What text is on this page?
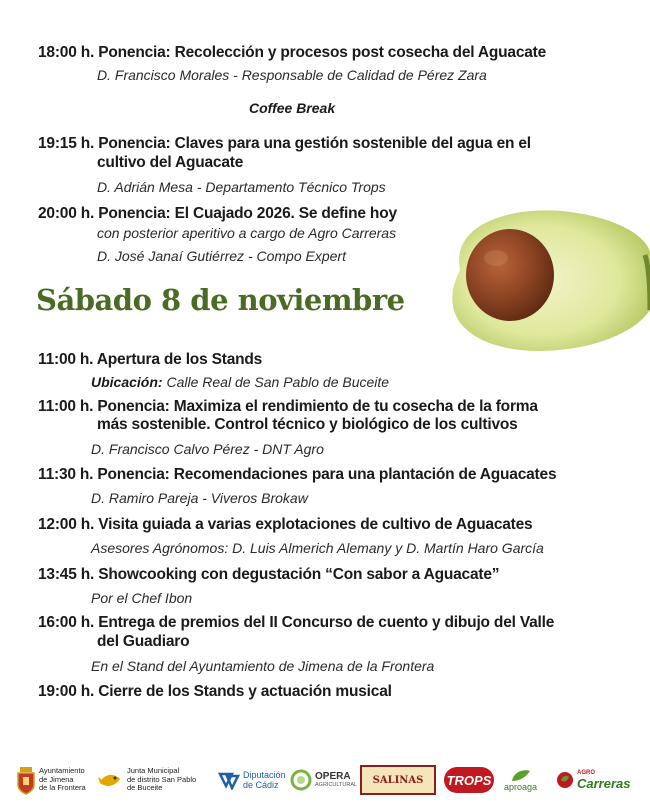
18:00 h. Ponencia: Recolección y procesos post cosecha del Aguacate
D. Francisco Morales - Responsable de Calidad de Pérez Zara
Coffee Break
19:15 h. Ponencia: Claves para una gestión sostenible del agua en el
cultivo del Aguacate
D. Adrián Mesa - Departamento Técnico Trops
20:00 h. Ponencia: El Cuajado 2026. Se define hoy
con posterior aperitivo a cargo de Agro Carreras
D. José Janaí Gutiérrez - Compo Expert
Sábado 8 de noviembre
11:00 h. Apertura de los Stands
Ubicación: Calle Real de San Pablo de Buceite
11:00 h. Ponencia: Maximiza el rendimiento de tu cosecha de la forma
más sostenible. Control técnico y biológico de los cultivos
D. Francisco Calvo Pérez - DNT Agro
11:30 h. Ponencia: Recomendaciones para una plantación de Aguacates
D. Ramiro Pareja - Viveros Brokaw
12:00 h. Visita guiada a varias explotaciones de cultivo de Aguacates
Asesores Agrónomos: D. Luis Almerich Alemany y D. Martín Haro García
13:45 h. Showcooking con degustación “Con sabor a Aguacate”
Por el Chef Ibon
16:00 h. Entrega de premios del II Concurso de cuento y dibujo del Valle
del Guadiaro
En el Stand del Ayuntamiento de Jimena de la Frontera
19:00 h. Cierre de los Stands y actuación musical
Ayuntamiento
de Jimena
de la Frontera
Junta Municipal
de distrito San Pablo
de Buceite
Diputación
de Cádiz
OPERA
AGRICULTURAL SALINAS TROPS aproaga
AGRO
Carreras
